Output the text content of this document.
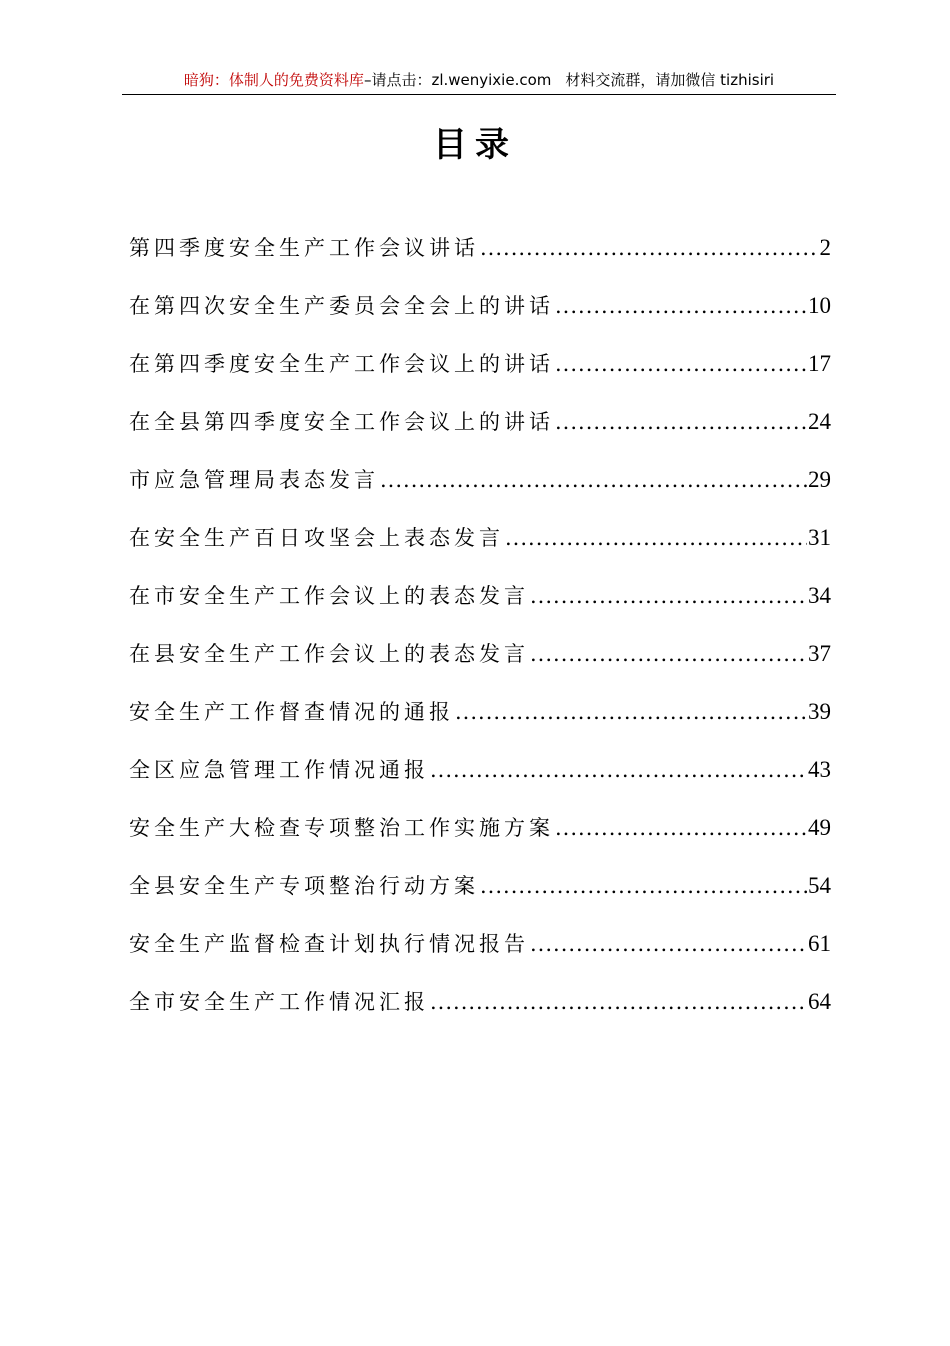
暗狗：体制人的免费资料库–请点击：zl.wenyixie.com 材料交流群，请加微信 tizhisiri
目录
第四季度安全生产工作会议讲话 .....	2
在第四次安全生产委员会全会上的讲话 .....	10
在第四季度安全生产工作会议上的讲话 .....	17
在全县第四季度安全工作会议上的讲话 .....	24
市应急管理局表态发言 .....	29
在安全生产百日攻坚会上表态发言 .....	31
在市安全生产工作会议上的表态发言 .....	34
在县安全生产工作会议上的表态发言 .....	37
安全生产工作督查情况的通报 .....	39
全区应急管理工作情况通报 .....	43
安全生产大检查专项整治工作实施方案 .....	49
全县安全生产专项整治行动方案 .....	54
安全生产监督检查计划执行情况报告 .....	61
全市安全生产工作情况汇报 .....	64
